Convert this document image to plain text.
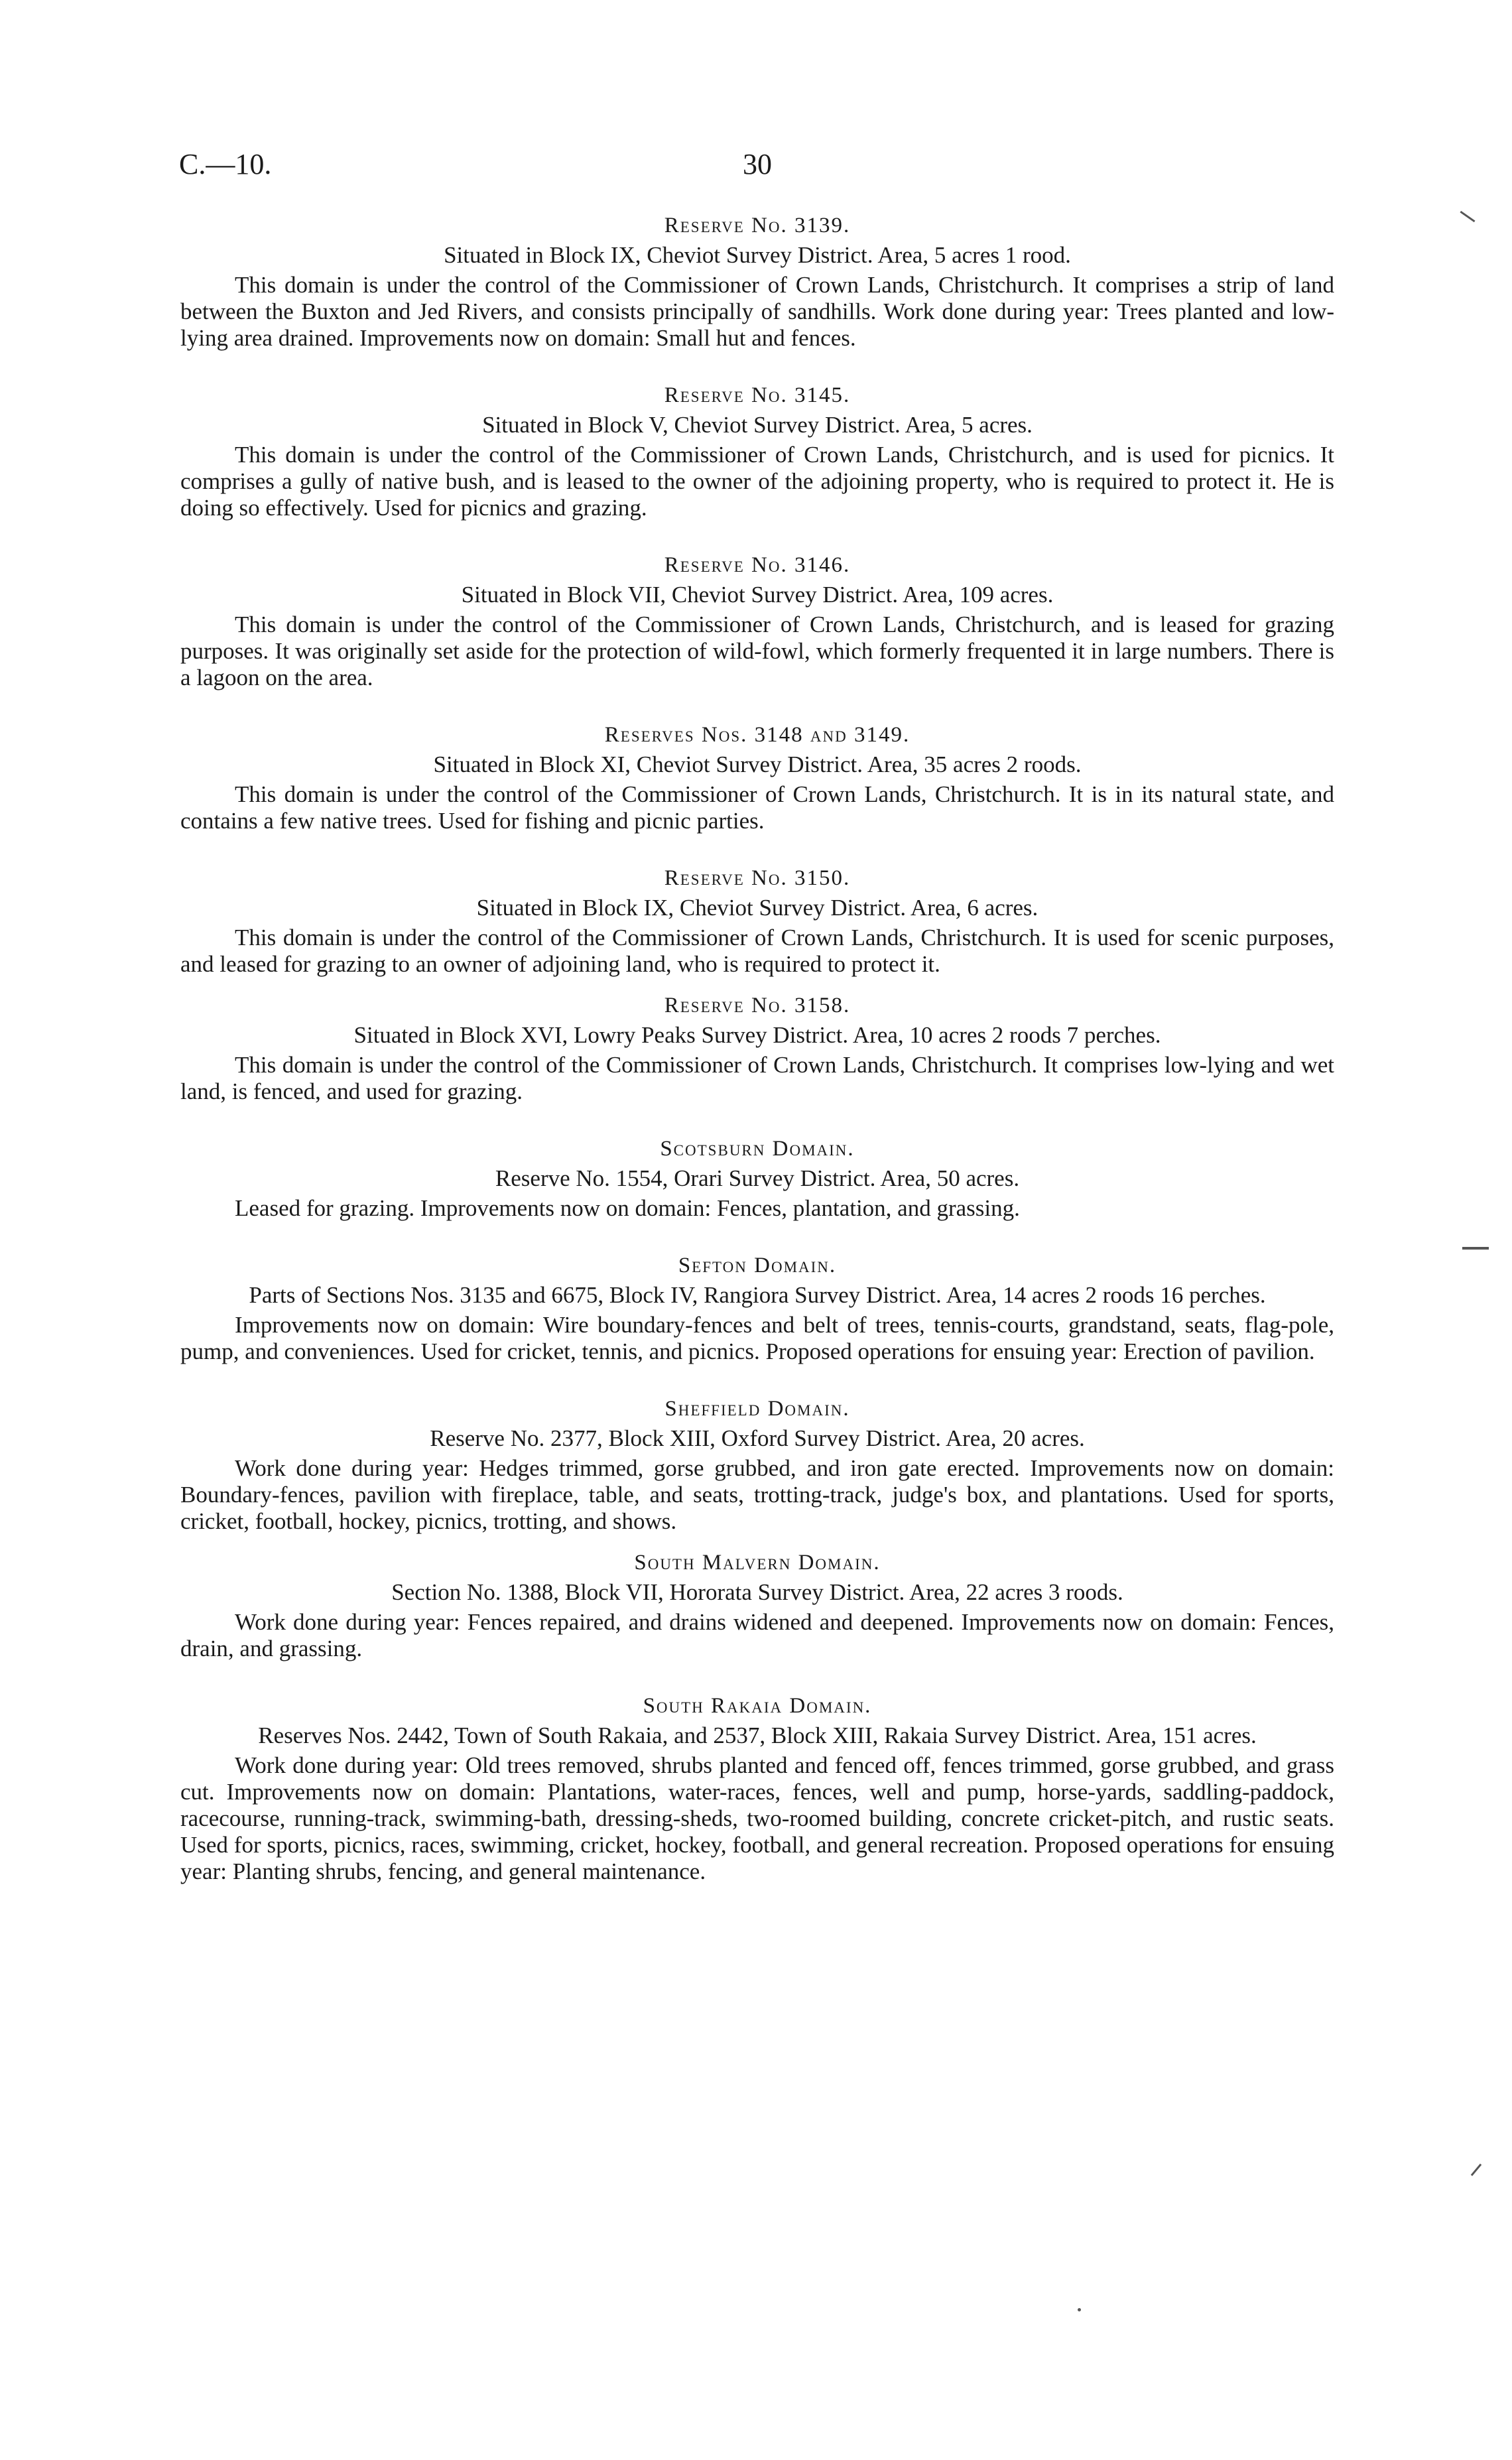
C.—10.	30

Reserve No. 3139.

Situated in Block IX, Cheviot Survey District. Area, 5 acres 1 rood.

This domain is under the control of the Commissioner of Crown Lands, Christchurch. It comprises a strip of land between the Buxton and Jed Rivers, and consists principally of sandhills. Work done during year: Trees planted and low-lying area drained. Improvements now on domain: Small hut and fences.

Reserve No. 3145.

Situated in Block V, Cheviot Survey District. Area, 5 acres.

This domain is under the control of the Commissioner of Crown Lands, Christchurch, and is used for picnics. It comprises a gully of native bush, and is leased to the owner of the adjoining property, who is required to protect it. He is doing so effectively. Used for picnics and grazing.

Reserve No. 3146.

Situated in Block VII, Cheviot Survey District. Area, 109 acres.

This domain is under the control of the Commissioner of Crown Lands, Christchurch, and is leased for grazing purposes. It was originally set aside for the protection of wild-fowl, which formerly frequented it in large numbers. There is a lagoon on the area.

Reserves Nos. 3148 and 3149.

Situated in Block XI, Cheviot Survey District. Area, 35 acres 2 roods.

This domain is under the control of the Commissioner of Crown Lands, Christchurch. It is in its natural state, and contains a few native trees. Used for fishing and picnic parties.

Reserve No. 3150.

Situated in Block IX, Cheviot Survey District. Area, 6 acres.

This domain is under the control of the Commissioner of Crown Lands, Christchurch. It is used for scenic purposes, and leased for grazing to an owner of adjoining land, who is required to protect it.

Reserve No. 3158.

Situated in Block XVI, Lowry Peaks Survey District. Area, 10 acres 2 roods 7 perches.

This domain is under the control of the Commissioner of Crown Lands, Christchurch. It comprises low-lying and wet land, is fenced, and used for grazing.

Scotsburn Domain.

Reserve No. 1554, Orari Survey District. Area, 50 acres.

Leased for grazing. Improvements now on domain: Fences, plantation, and grassing.

Sefton Domain.

Parts of Sections Nos. 3135 and 6675, Block IV, Rangiora Survey District. Area, 14 acres 2 roods 16 perches.

Improvements now on domain: Wire boundary-fences and belt of trees, tennis-courts, grandstand, seats, flag-pole, pump, and conveniences. Used for cricket, tennis, and picnics. Proposed operations for ensuing year: Erection of pavilion.

Sheffield Domain.

Reserve No. 2377, Block XIII, Oxford Survey District. Area, 20 acres.

Work done during year: Hedges trimmed, gorse grubbed, and iron gate erected. Improvements now on domain: Boundary-fences, pavilion with fireplace, table, and seats, trotting-track, judge's box, and plantations. Used for sports, cricket, football, hockey, picnics, trotting, and shows.

South Malvern Domain.

Section No. 1388, Block VII, Hororata Survey District. Area, 22 acres 3 roods.

Work done during year: Fences repaired, and drains widened and deepened. Improvements now on domain: Fences, drain, and grassing.

South Rakaia Domain.

Reserves Nos. 2442, Town of South Rakaia, and 2537, Block XIII, Rakaia Survey District. Area, 151 acres.

Work done during year: Old trees removed, shrubs planted and fenced off, fences trimmed, gorse grubbed, and grass cut. Improvements now on domain: Plantations, water-races, fences, well and pump, horse-yards, saddling-paddock, racecourse, running-track, swimming-bath, dressing-sheds, two-roomed building, concrete cricket-pitch, and rustic seats. Used for sports, picnics, races, swimming, cricket, hockey, football, and general recreation. Proposed operations for ensuing year: Planting shrubs, fencing, and general maintenance.
